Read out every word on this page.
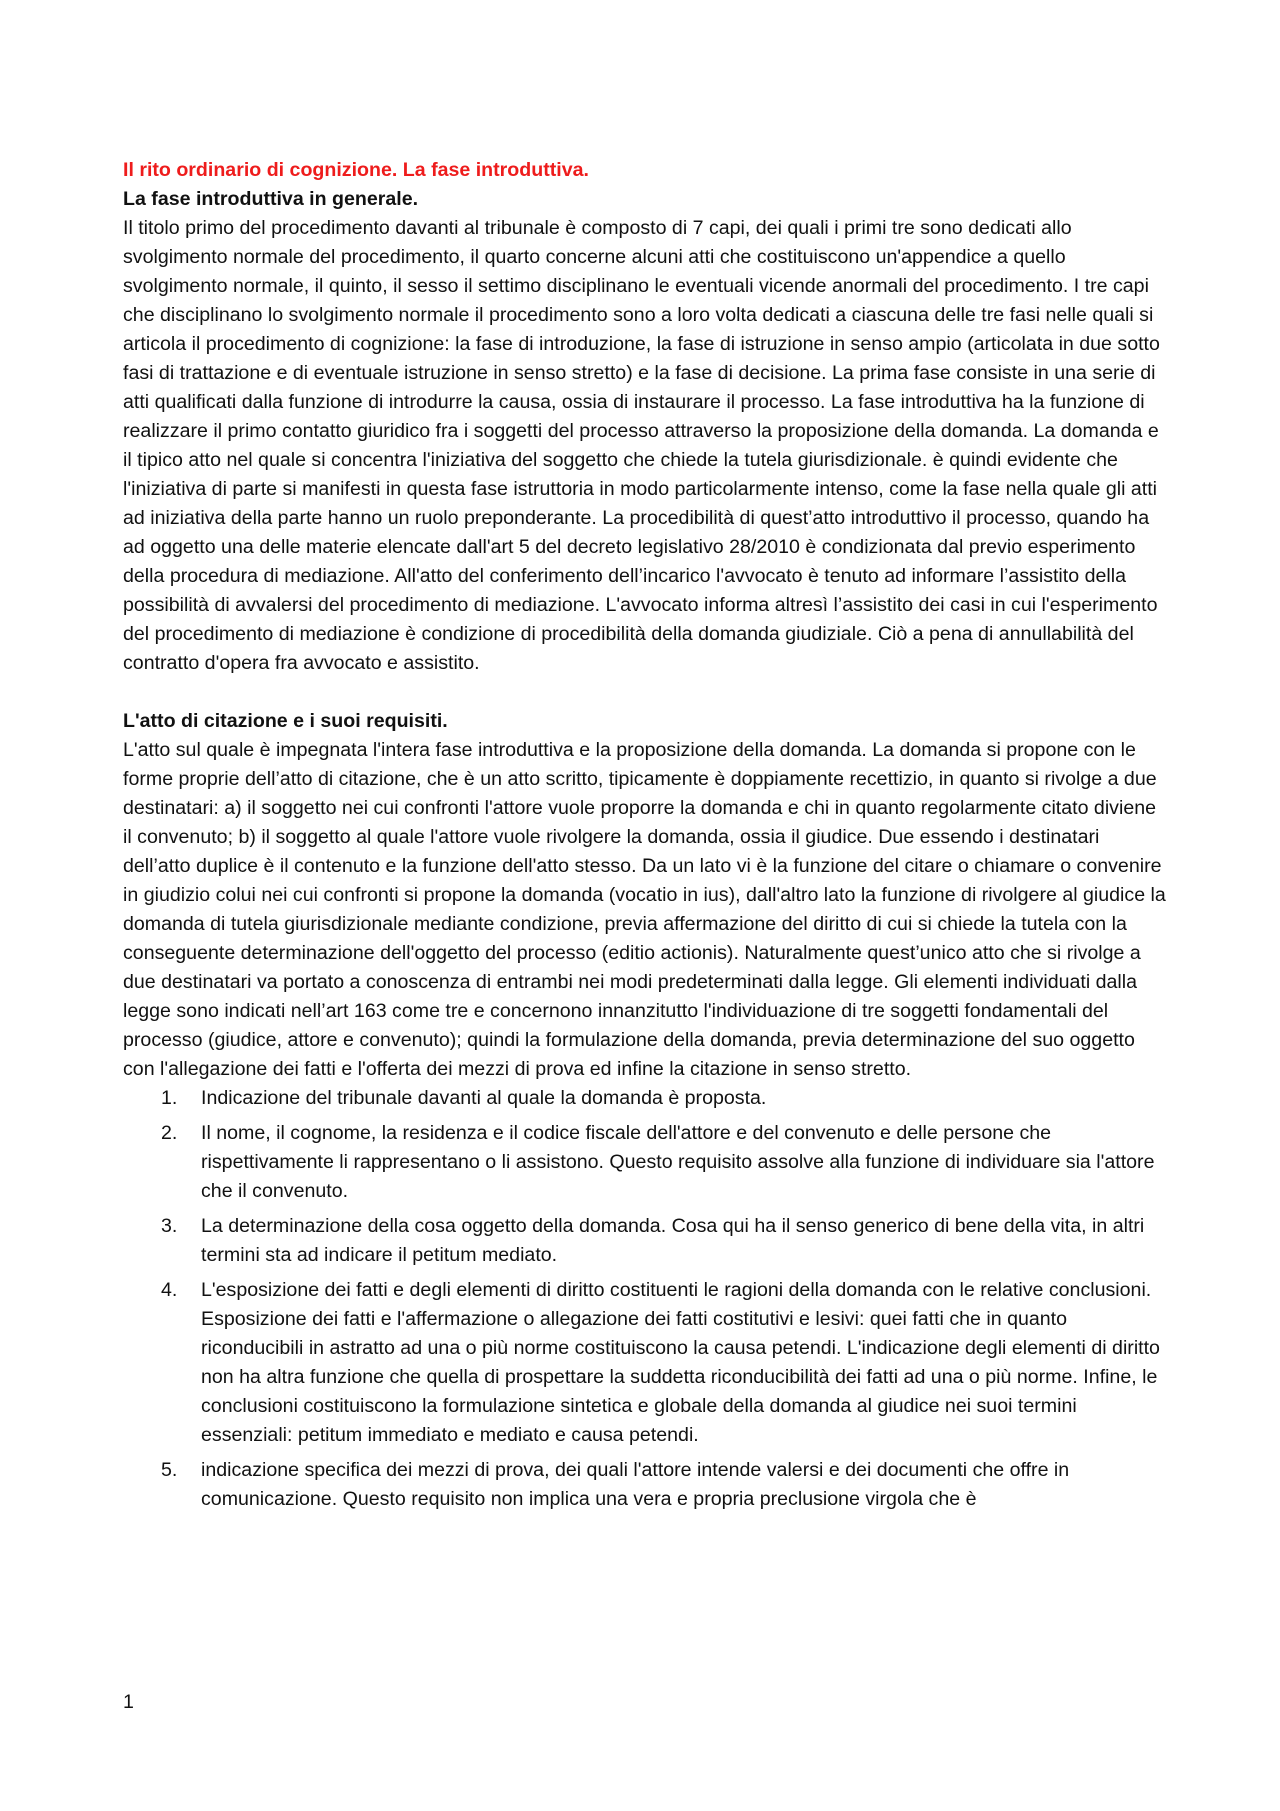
Il rito ordinario di cognizione. La fase introduttiva.

La fase introduttiva in generale.

Il titolo primo del procedimento davanti al tribunale è composto di 7 capi, dei quali i primi tre sono dedicati allo svolgimento normale del procedimento, il quarto concerne alcuni atti che costituiscono un'appendice a quello svolgimento normale, il quinto, il sesso il settimo disciplinano le eventuali vicende anormali del procedimento. I tre capi che disciplinano lo svolgimento normale il procedimento sono a loro volta dedicati a ciascuna delle tre fasi nelle quali si articola il procedimento di cognizione: la fase di introduzione, la fase di istruzione in senso ampio (articolata in due sotto fasi di trattazione e di eventuale istruzione in senso stretto) e la fase di decisione. La prima fase consiste in una serie di atti qualificati dalla funzione di introdurre la causa, ossia di instaurare il processo. La fase introduttiva ha la funzione di realizzare il primo contatto giuridico fra i soggetti del processo attraverso la proposizione della domanda. La domanda e il tipico atto nel quale si concentra l'iniziativa del soggetto che chiede la tutela giurisdizionale. è quindi evidente che l'iniziativa di parte si manifesti in questa fase istruttoria in modo particolarmente intenso, come la fase nella quale gli atti ad iniziativa della parte hanno un ruolo preponderante. La procedibilità di quest’atto introduttivo il processo, quando ha ad oggetto una delle materie elencate dall'art 5 del decreto legislativo 28/2010 è condizionata dal previo esperimento della procedura di mediazione. All'atto del conferimento dell’incarico l'avvocato è tenuto ad informare l’assistito della possibilità di avvalersi del procedimento di mediazione. L'avvocato informa altresì l’assistito dei casi in cui l'esperimento del procedimento di mediazione è condizione di procedibilità della domanda giudiziale. Ciò a pena di annullabilità del contratto d'opera fra avvocato e assistito.

L'atto di citazione e i suoi requisiti.

L'atto sul quale è impegnata l'intera fase introduttiva e la proposizione della domanda. La domanda si propone con le forme proprie dell’atto di citazione, che è un atto scritto, tipicamente è doppiamente recettizio, in quanto si rivolge a due destinatari: a) il soggetto nei cui confronti l'attore vuole proporre la domanda e chi in quanto regolarmente citato diviene il convenuto; b) il soggetto al quale l'attore vuole rivolgere la domanda, ossia il giudice. Due essendo i destinatari dell’atto duplice è il contenuto e la funzione dell'atto stesso. Da un lato vi è la funzione del citare o chiamare o convenire in giudizio colui nei cui confronti si propone la domanda (vocatio in ius), dall'altro lato la funzione di rivolgere al giudice la domanda di tutela giurisdizionale mediante condizione, previa affermazione del diritto di cui si chiede la tutela con la conseguente determinazione dell'oggetto del processo (editio actionis). Naturalmente quest’unico atto che si rivolge a due destinatari va portato a conoscenza di entrambi nei modi predeterminati dalla legge. Gli elementi individuati dalla legge sono indicati nell’art 163 come tre e concernono innanzitutto l'individuazione di tre soggetti fondamentali del processo (giudice, attore e convenuto); quindi la formulazione della domanda, previa determinazione del suo oggetto con l'allegazione dei fatti e l'offerta dei mezzi di prova ed infine la citazione in senso stretto.

1. Indicazione del tribunale davanti al quale la domanda è proposta.
2. Il nome, il cognome, la residenza e il codice fiscale dell'attore e del convenuto e delle persone che rispettivamente li rappresentano o li assistono. Questo requisito assolve alla funzione di individuare sia l'attore che il convenuto.
3. La determinazione della cosa oggetto della domanda. Cosa qui ha il senso generico di bene della vita, in altri termini sta ad indicare il petitum mediato.
4. L'esposizione dei fatti e degli elementi di diritto costituenti le ragioni della domanda con le relative conclusioni. Esposizione dei fatti e l'affermazione o allegazione dei fatti costitutivi e lesivi: quei fatti che in quanto riconducibili in astratto ad una o più norme costituiscono la causa petendi. L'indicazione degli elementi di diritto non ha altra funzione che quella di prospettare la suddetta riconducibilità dei fatti ad una o più norme. Infine, le conclusioni costituiscono la formulazione sintetica e globale della domanda al giudice nei suoi termini essenziali: petitum immediato e mediato e causa petendi.
5. indicazione specifica dei mezzi di prova, dei quali l'attore intende valersi e dei documenti che offre in comunicazione. Questo requisito non implica una vera e propria preclusione virgola che è
1
